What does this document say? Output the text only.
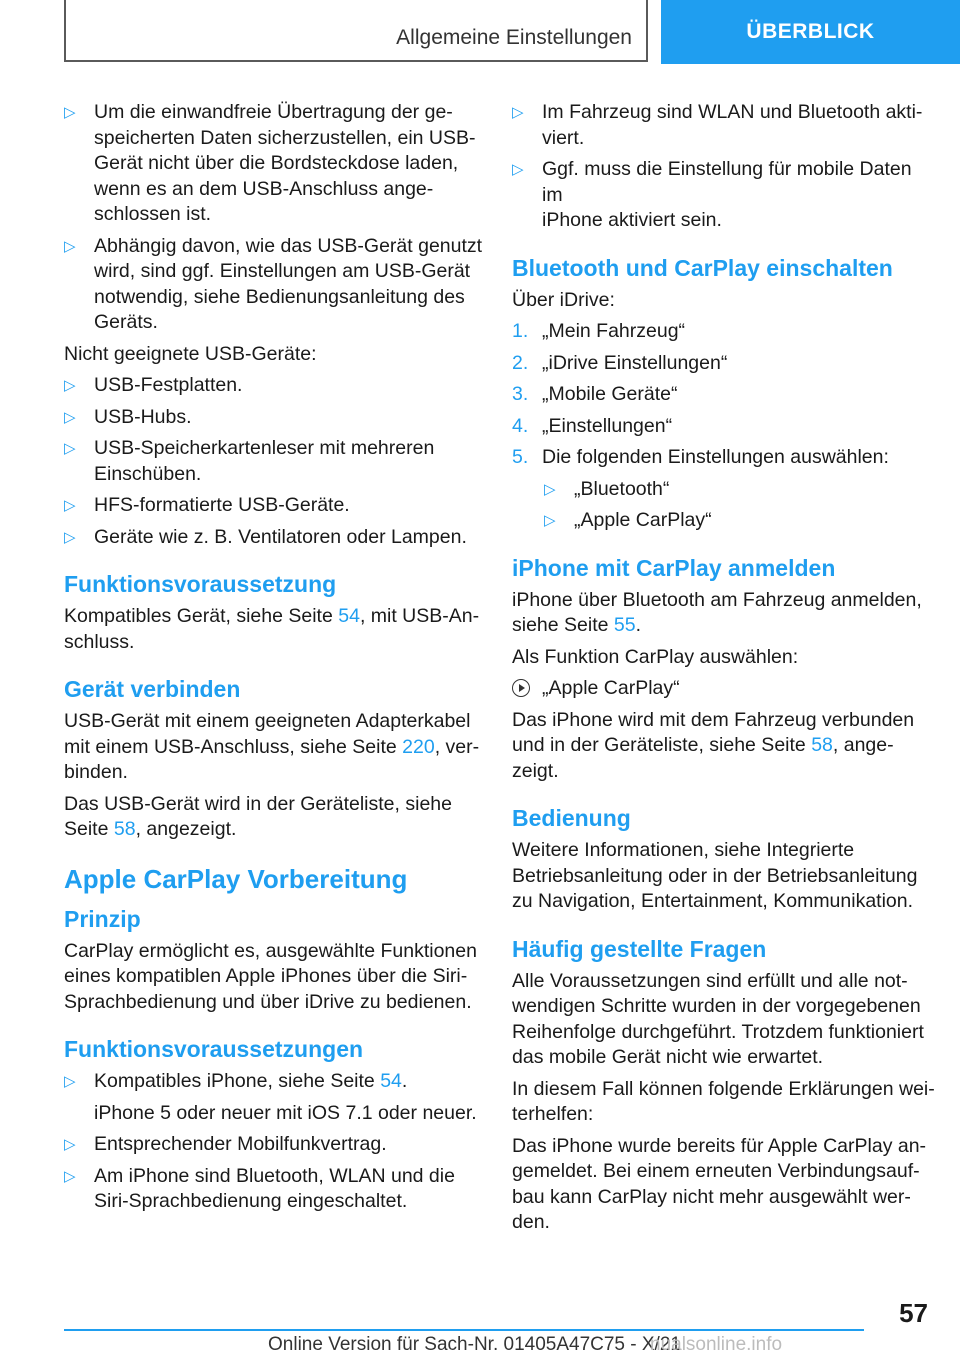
Allgemeine Einstellungen	ÜBERBLICK
▷ Um die einwandfreie Übertragung der ge‐
speicherten Daten sicherzustellen, ein USB-
Gerät nicht über die Bordsteckdose laden,
wenn es an dem USB-Anschluss ange‐
schlossen ist.
▷ Abhängig davon, wie das USB-Gerät genutzt
wird, sind ggf. Einstellungen am USB-Gerät
notwendig, siehe Bedienungsanleitung des
Geräts.
Nicht geeignete USB-Geräte:
▷ USB-Festplatten.
▷ USB-Hubs.
▷ USB-Speicherkartenleser mit mehreren
Einschüben.
▷ HFS-formatierte USB-Geräte.
▷ Geräte wie z. B. Ventilatoren oder Lampen.
Funktionsvoraussetzung
Kompatibles Gerät, siehe Seite 54, mit USB-An‐
schluss.
Gerät verbinden
USB-Gerät mit einem geeigneten Adapterkabel
mit einem USB-Anschluss, siehe Seite 220, ver‐
binden.
Das USB-Gerät wird in der Geräteliste, siehe
Seite 58, angezeigt.
Apple CarPlay Vorbereitung
Prinzip
CarPlay ermöglicht es, ausgewählte Funktionen
eines kompatiblen Apple iPhones über die Siri-
Sprachbedienung und über iDrive zu bedienen.
Funktionsvoraussetzungen
▷ Kompatibles iPhone, siehe Seite 54.
iPhone 5 oder neuer mit iOS 7.1 oder neuer.
▷ Entsprechender Mobilfunkvertrag.
▷ Am iPhone sind Bluetooth, WLAN und die
Siri-Sprachbedienung eingeschaltet.
▷ Im Fahrzeug sind WLAN und Bluetooth akti‐
viert.
▷ Ggf. muss die Einstellung für mobile Daten im
iPhone aktiviert sein.
Bluetooth und CarPlay einschalten
Über iDrive:
1. „Mein Fahrzeug“
2. „iDrive Einstellungen“
3. „Mobile Geräte“
4. „Einstellungen“
5. Die folgenden Einstellungen auswählen:
▷ „Bluetooth“
▷ „Apple CarPlay“
iPhone mit CarPlay anmelden
iPhone über Bluetooth am Fahrzeug anmelden,
siehe Seite 55.
Als Funktion CarPlay auswählen:
„Apple CarPlay“
Das iPhone wird mit dem Fahrzeug verbunden
und in der Geräteliste, siehe Seite 58, ange‐
zeigt.
Bedienung
Weitere Informationen, siehe Integrierte
Betriebsanleitung oder in der Betriebsanleitung
zu Navigation, Entertainment, Kommunikation.
Häufig gestellte Fragen
Alle Voraussetzungen sind erfüllt und alle not‐
wendigen Schritte wurden in der vorgegebenen
Reihenfolge durchgeführt. Trotzdem funktioniert
das mobile Gerät nicht wie erwartet.
In diesem Fall können folgende Erklärungen wei‐
terhelfen:
Das iPhone wurde bereits für Apple CarPlay an‐
gemeldet. Bei einem erneuten Verbindungsauf‐
bau kann CarPlay nicht mehr ausgewählt wer‐
den.
57
Online Version für Sach-Nr. 01405A47C75 - X/21
nualsonline.info
